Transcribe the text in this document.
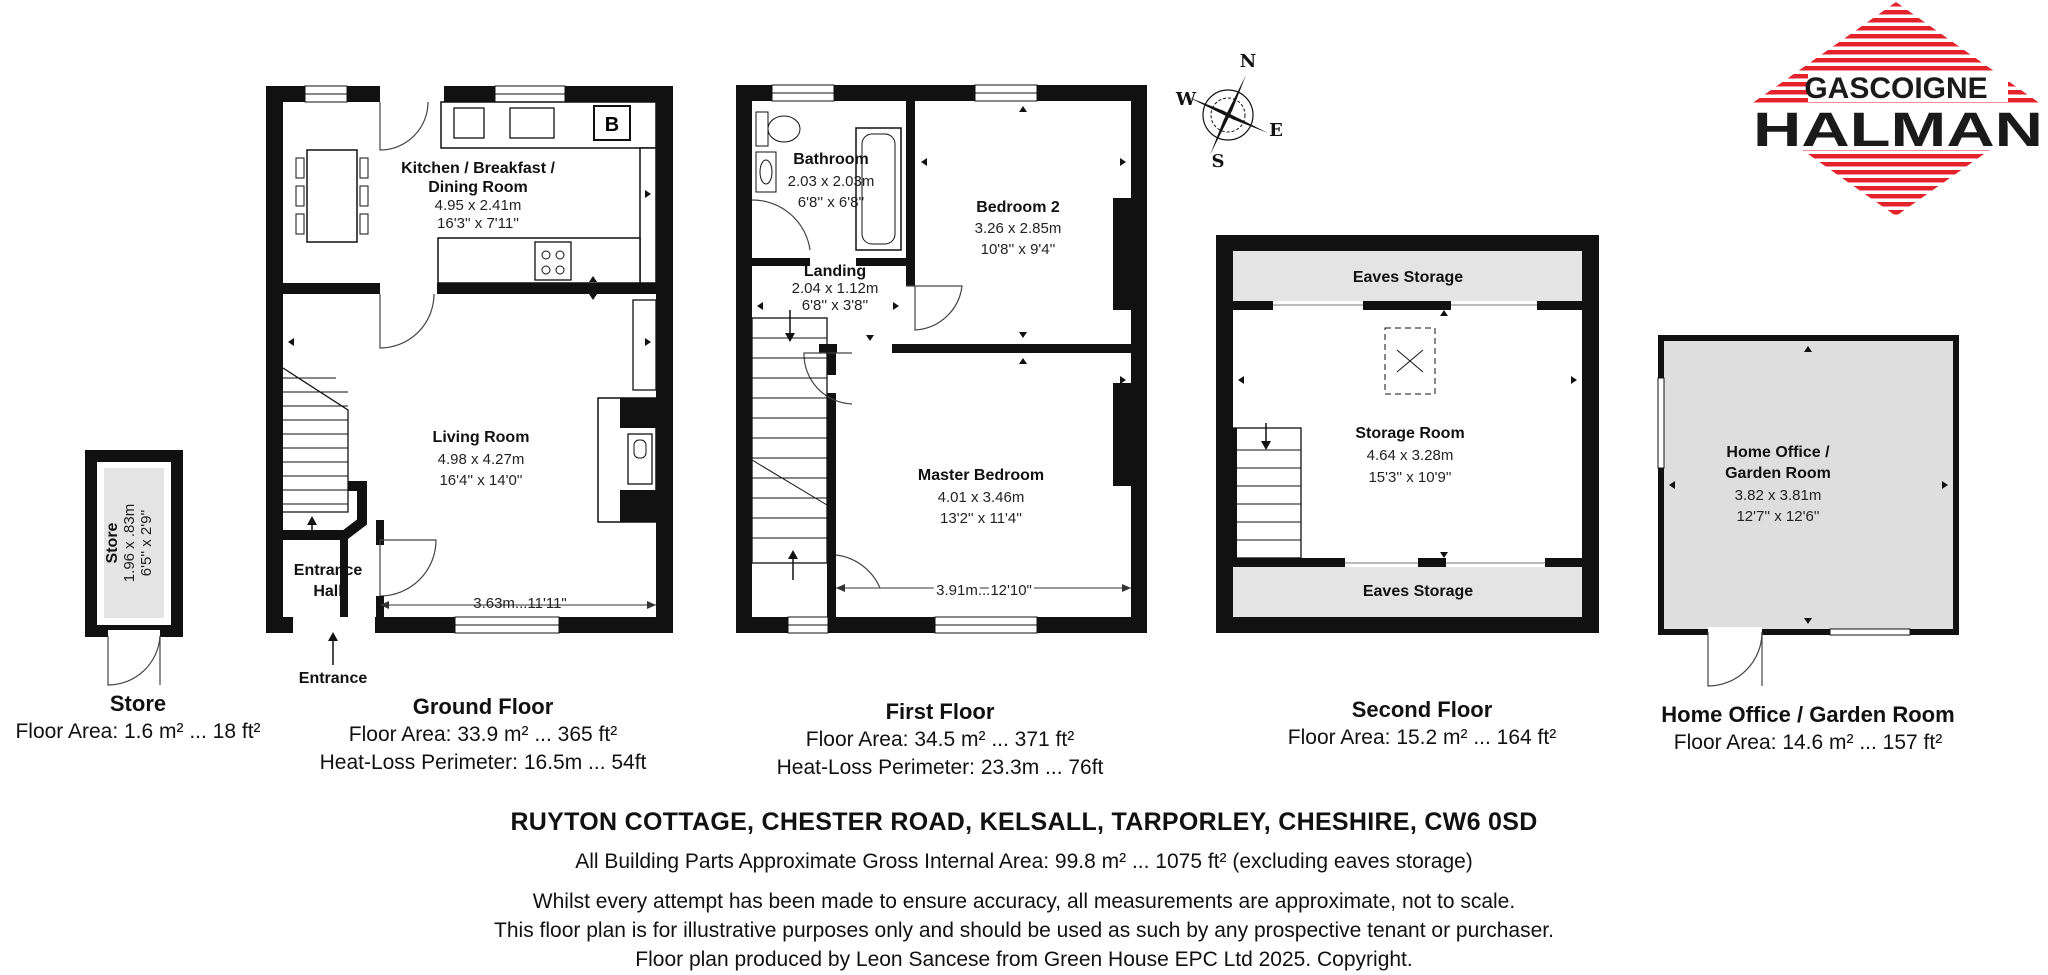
Store 1.96 x .83m 6'5'' x 2'9''
B
Kitchen / Breakfast /
Dining Room
4.95 x 2.41m
16'3'' x 7'11''
Living Room
4.98 x 4.27m
16'4'' x 14'0''
Entrance
Hall
3.63m...11'11"
Entrance
Bathroom
2.03 x 2.03m
6'8'' x 6'8''	Bedroom 2
3.26 x 2.85m
10'8'' x 9'4''
Landing
2.04 x 1.12m
6'8'' x 3'8''
Master Bedroom
4.01 x 3.46m
13'2'' x 11'4''
3.91m...12'10"
N
E
S
W
Eaves Storage
Storage Room
4.64 x 3.28m
15'3'' x 10'9''
Eaves Storage
Home Office /
Garden Room
3.82 x 3.81m
12'7'' x 12'6''
GASCOIGNE
HALMAN
Store
Floor Area: 1.6 m² ... 18 ft²
Ground Floor
Floor Area: 33.9 m² ... 365 ft²
Heat-Loss Perimeter: 16.5m ... 54ft
First Floor
Floor Area: 34.5 m² ... 371 ft²
Heat-Loss Perimeter: 23.3m ... 76ft
Second Floor
Floor Area: 15.2 m² ... 164 ft²
Home Office / Garden Room
Floor Area: 14.6 m² ... 157 ft²
RUYTON COTTAGE, CHESTER ROAD, KELSALL, TARPORLEY, CHESHIRE, CW6 0SD
All Building Parts Approximate Gross Internal Area: 99.8 m² ... 1075 ft² (excluding eaves storage)
Whilst every attempt has been made to ensure accuracy, all measurements are approximate, not to scale.
This floor plan is for illustrative purposes only and should be used as such by any prospective tenant or purchaser.
Floor plan produced by Leon Sancese from Green House EPC Ltd 2025. Copyright.
